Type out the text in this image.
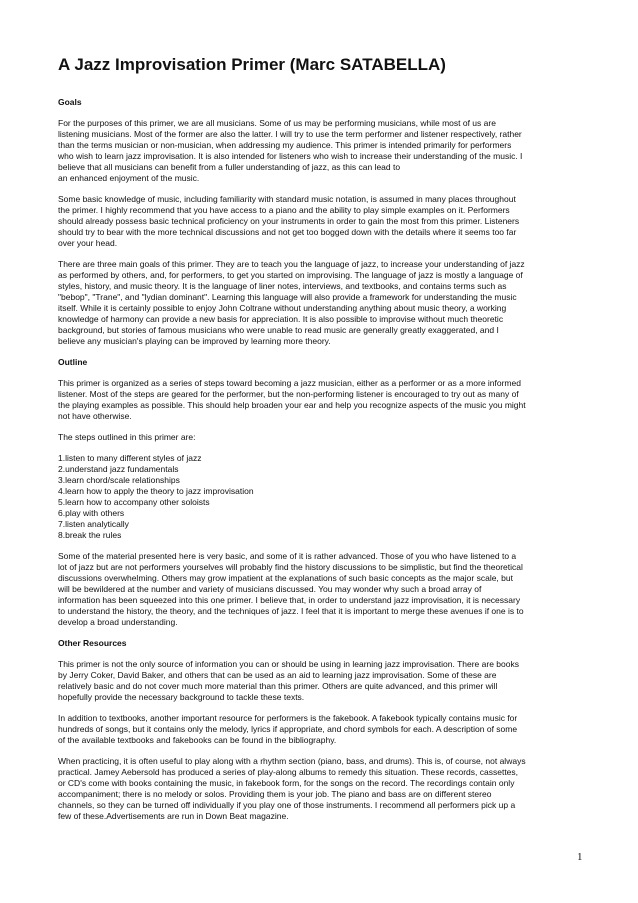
A Jazz Improvisation Primer (Marc SATABELLA)
Goals

For the purposes of this primer, we are all musicians. Some of us may be performing musicians, while most of us are
listening musicians. Most of the former are also the latter. I will try to use the term performer and listener respectively, rather
than the terms musician or non-musician, when addressing my audience. This primer is intended primarily for performers
who wish to learn jazz improvisation. It is also intended for listeners who wish to increase their understanding of the music. I
believe that all musicians can benefit from a fuller understanding of jazz, as this can lead to
an enhanced enjoyment of the music.

Some basic knowledge of music, including familiarity with standard music notation, is assumed in many places throughout
the primer. I highly recommend that you have access to a piano and the ability to play simple examples on it. Performers
should already possess basic technical proficiency on your instruments in order to gain the most from this primer. Listeners
should try to bear with the more technical discussions and not get too bogged down with the details where it seems too far
over your head.

There are three main goals of this primer. They are to teach you the language of jazz, to increase your understanding of jazz
as performed by others, and, for performers, to get you started on improvising. The language of jazz is mostly a language of
styles, history, and music theory. It is the language of liner notes, interviews, and textbooks, and contains terms such as
"bebop", "Trane", and "lydian dominant". Learning this language will also provide a framework for understanding the music
itself. While it is certainly possible to enjoy John Coltrane without understanding anything about music theory, a working
knowledge of harmony can provide a new basis for appreciation. It is also possible to improvise without much theoretic
background, but stories of famous musicians who were unable to read music are generally greatly exaggerated, and I
believe any musician's playing can be improved by learning more theory.

Outline

This primer is organized as a series of steps toward becoming a jazz musician, either as a performer or as a more informed
listener. Most of the steps are geared for the performer, but the non-performing listener is encouraged to try out as many of
the playing examples as possible. This should help broaden your ear and help you recognize aspects of the music you might
not have otherwise.

The steps outlined in this primer are:

1.listen to many different styles of jazz
2.understand jazz fundamentals
3.learn chord/scale relationships
4.learn how to apply the theory to jazz improvisation
5.learn how to accompany other soloists
6.play with others
7.listen analytically
8.break the rules

Some of the material presented here is very basic, and some of it is rather advanced. Those of you who have listened to a
lot of jazz but are not performers yourselves will probably find the history discussions to be simplistic, but find the theoretical
discussions overwhelming. Others may grow impatient at the explanations of such basic concepts as the major scale, but
will be bewildered at the number and variety of musicians discussed. You may wonder why such a broad array of
information has been squeezed into this one primer. I believe that, in order to understand jazz improvisation, it is necessary
to understand the history, the theory, and the techniques of jazz. I feel that it is important to merge these avenues if one is to
develop a broad understanding.

Other Resources

This primer is not the only source of information you can or should be using in learning jazz improvisation. There are books
by Jerry Coker, David Baker, and others that can be used as an aid to learning jazz improvisation. Some of these are
relatively basic and do not cover much more material than this primer. Others are quite advanced, and this primer will
hopefully provide the necessary background to tackle these texts.

In addition to textbooks, another important resource for performers is the fakebook. A fakebook typically contains music for
hundreds of songs, but it contains only the melody, lyrics if appropriate, and chord symbols for each. A description of some
of the available textbooks and fakebooks can be found in the bibliography.

When practicing, it is often useful to play along with a rhythm section (piano, bass, and drums). This is, of course, not always
practical. Jamey Aebersold has produced a series of play-along albums to remedy this situation. These records, cassettes,
or CD's come with books containing the music, in fakebook form, for the songs on the record. The recordings contain only
accompaniment; there is no melody or solos. Providing them is your job. The piano and bass are on different stereo
channels, so they can be turned off individually if you play one of those instruments. I recommend all performers pick up a
few of these.Advertisements are run in Down Beat magazine.

1
